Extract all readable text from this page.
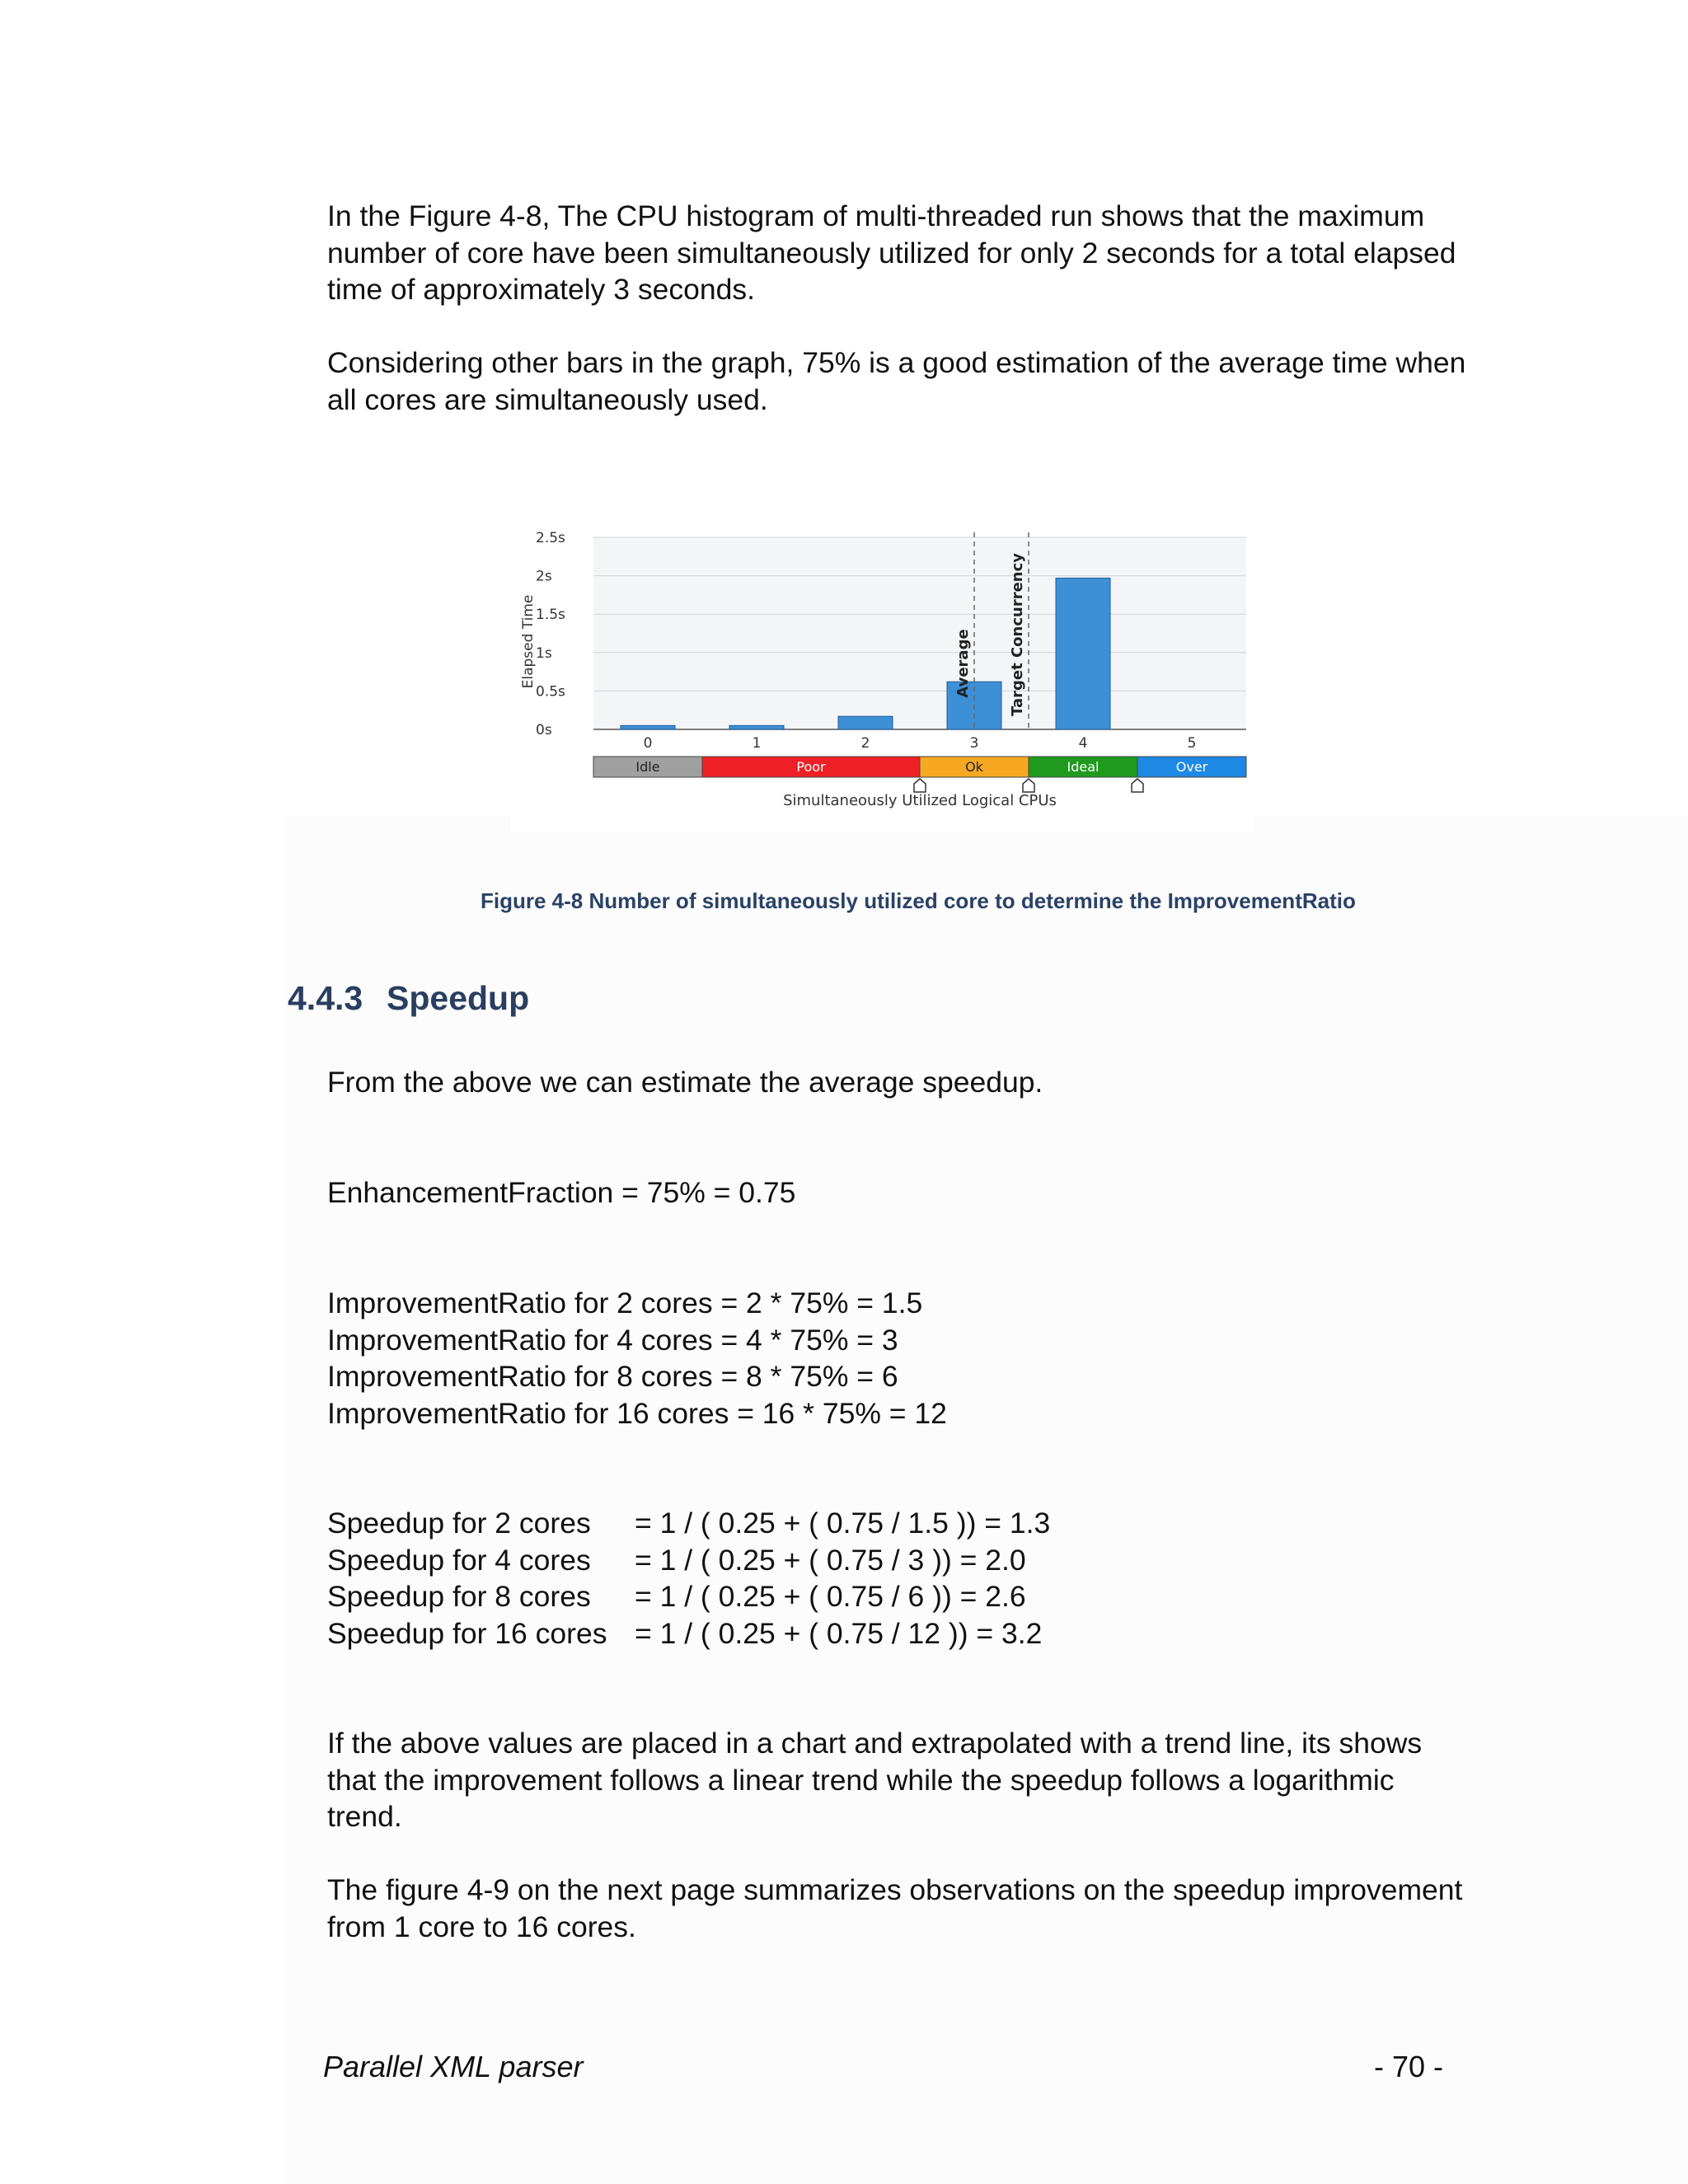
In the Figure 4-8, The CPU histogram of multi-threaded run shows that the maximum
number of core have been simultaneously utilized for only 2 seconds for a total elapsed
time of approximately 3 seconds.

Considering other bars in the graph, 75% is a good estimation of the average time when
all cores are simultaneously used.

0s
0.5s
1s
1.5s
2s
2.5s
Elapsed Time
0	1	2	3	4	5
Average	Target Concurrency
Idle	Poor	Ok	Ideal	Over
Simultaneously Utilized Logical CPUs

Figure 4-8 Number of simultaneously utilized core to determine the ImprovementRatio

4.4.3 Speedup

From the above we can estimate the average speedup.

EnhancementFraction = 75% = 0.75

ImprovementRatio for 2 cores = 2 * 75% = 1.5
ImprovementRatio for 4 cores = 4 * 75% = 3
ImprovementRatio for 8 cores = 8 * 75% = 6
ImprovementRatio for 16 cores = 16 * 75% = 12

Speedup for 2 cores = 1 / ( 0.25 + ( 0.75 / 1.5 )) = 1.3
Speedup for 4 cores = 1 / ( 0.25 + ( 0.75 / 3 )) = 2.0
Speedup for 8 cores = 1 / ( 0.25 + ( 0.75 / 6 )) = 2.6
Speedup for 16 cores = 1 / ( 0.25 + ( 0.75 / 12 )) = 3.2

If the above values are placed in a chart and extrapolated with a trend line, its shows
that the improvement follows a linear trend while the speedup follows a logarithmic
trend.

The figure 4-9 on the next page summarizes observations on the speedup improvement
from 1 core to 16 cores.

Parallel XML parser	- 70 -
